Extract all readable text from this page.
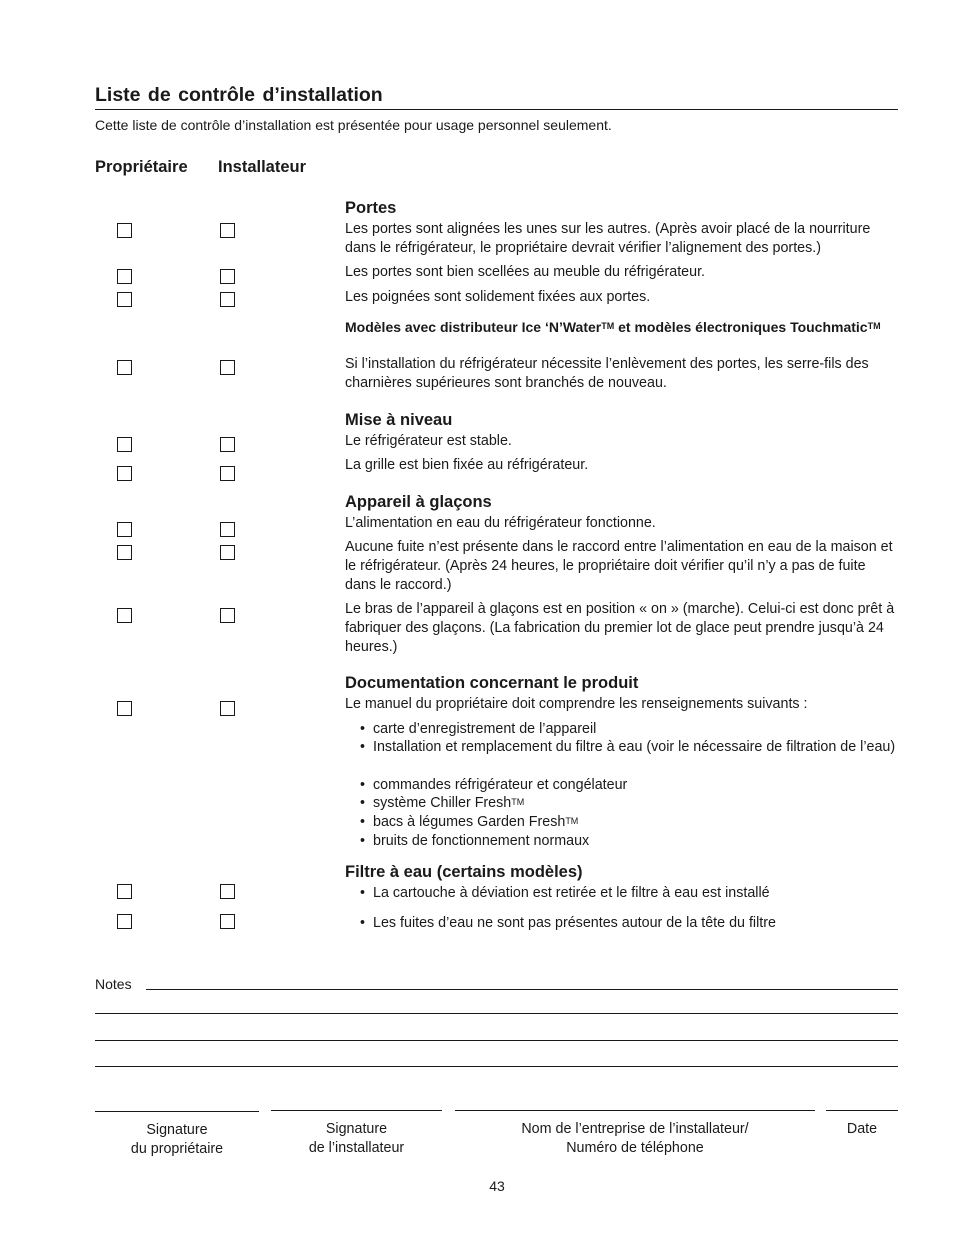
Liste de contrôle d’installation
Cette liste de contrôle d’installation est présentée pour usage personnel seulement.
Propriétaire Installateur
Portes
Les portes sont alignées les unes sur les autres. (Après avoir placé de la nourriture dans le réfrigérateur, le propriétaire devrait vérifier l’alignement des portes.)
Les portes sont bien scellées au meuble du réfrigérateur.
Les poignées sont solidement fixées aux portes.
Modèles avec distributeur Ice ‘N’Water™ et modèles électroniques Touchmatic™
Si l’installation du réfrigérateur nécessite l’enlèvement des portes, les serre-fils des charnières supérieures sont branchés de nouveau.
Mise à niveau
Le réfrigérateur est stable.
La grille est bien fixée au réfrigérateur.
Appareil à glaçons
L’alimentation en eau du réfrigérateur fonctionne.
Aucune fuite n’est présente dans le raccord entre l’alimentation en eau de la maison et le réfrigérateur. (Après 24 heures, le propriétaire doit vérifier qu’il n’y a pas de fuite dans le raccord.)
Le bras de l’appareil à glaçons est en position « on » (marche). Celui-ci est donc prêt à fabriquer des glaçons. (La fabrication du premier lot de glace peut prendre jusqu’à 24 heures.)
Documentation concernant le produit
Le manuel du propriétaire doit comprendre les renseignements suivants :
• carte d’enregistrement de l’appareil
• Installation et remplacement du filtre à eau (voir le nécessaire de filtration de l’eau)
• commandes réfrigérateur et congélateur
• système Chiller Fresh™
• bacs à légumes Garden Fresh™
• bruits de fonctionnement normaux
Filtre à eau (certains modèles)
• La cartouche à déviation est retirée et le filtre à eau est installé
• Les fuites d’eau ne sont pas présentes autour de la tête du filtre
Notes
Signature
du propriétaire
Signature
de l’installateur
Nom de l’entreprise de l’installateur/
Numéro de téléphone
Date
43
